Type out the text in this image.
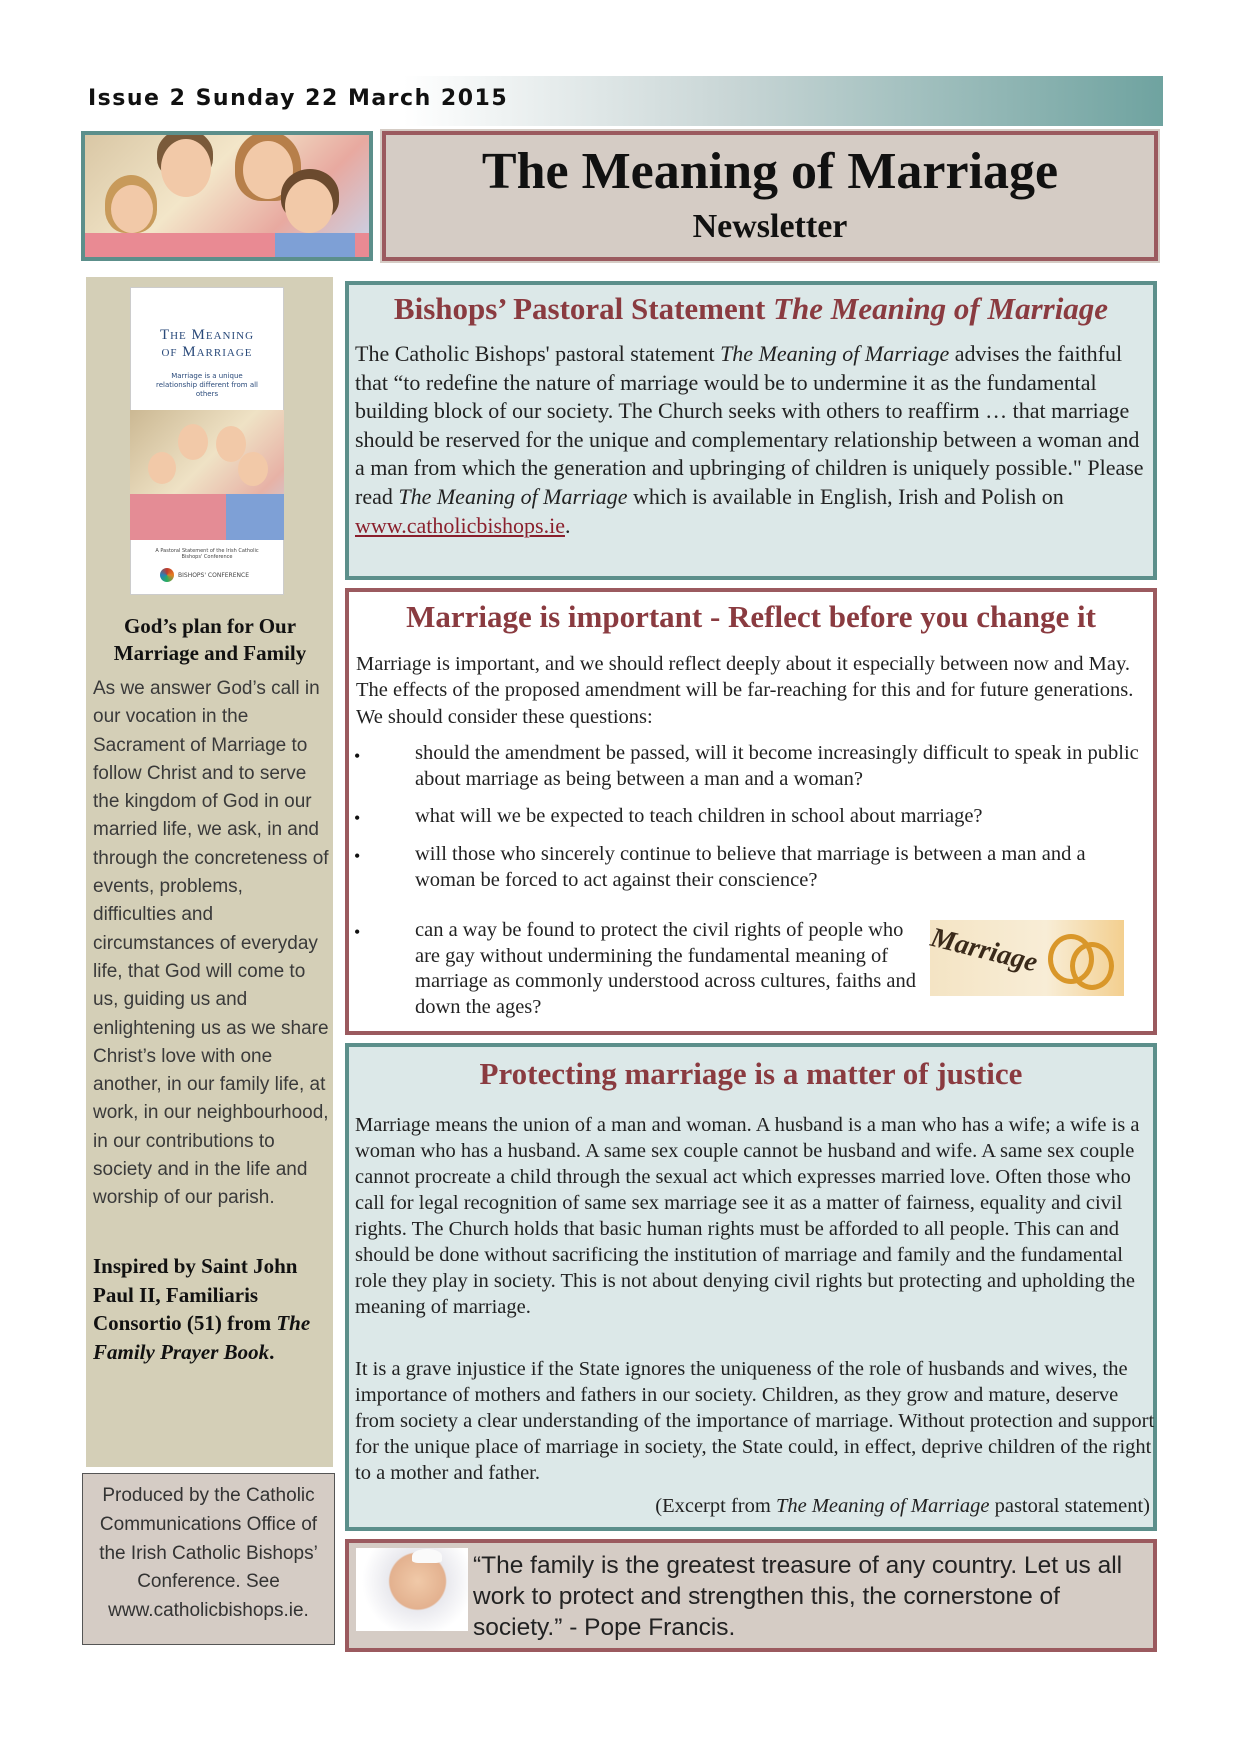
Issue 2 Sunday 22 March 2015
The Meaning of Marriage
Newsletter
The Meaning
of Marriage
Marriage is a unique relationship different from all others
A Pastoral Statement of the Irish Catholic Bishops' Conference
BISHOPS' CONFERENCE
God’s plan for Our Marriage and Family
As we answer God’s call in our vocation in the Sacrament of Marriage to follow Christ and to serve the kingdom of God in our married life, we ask, in and through the concreteness of events, problems, difficulties and circumstances of everyday life, that God will come to us, guiding us and enlightening us as we share Christ’s love with one another, in our family life, at work, in our neighbourhood, in our contributions to society and in the life and worship of our parish.
Inspired by Saint John Paul II, Familiaris Consortio (51) from The Family Prayer Book.
Produced by the Catholic Communications Office of the Irish Catholic Bishops’ Conference. See www.catholicbishops.ie.
Bishops’ Pastoral Statement The Meaning of Marriage
The Catholic Bishops' pastoral statement The Meaning of Marriage advises the faithful that “to redefine the nature of marriage would be to undermine it as the fundamental building block of our society. The Church seeks with others to reaffirm … that marriage should be reserved for the unique and complementary relationship between a woman and a man from which the generation and upbringing of children is uniquely possible." Please read The Meaning of Marriage which is available in English, Irish and Polish on www.catholicbishops.ie.
Marriage is important - Reflect before you change it
Marriage is important, and we should reflect deeply about it especially between now and May. The effects of the proposed amendment will be far-reaching for this and for future generations. We should consider these questions:
•	should the amendment be passed, will it become increasingly difficult to speak in public about marriage as being between a man and a woman?
•	what will we be expected to teach children in school about marriage?
•	will those who sincerely continue to believe that marriage is between a man and a woman be forced to act against their conscience?
•	can a way be found to protect the civil rights of people who are gay without undermining the fundamental meaning of marriage as commonly understood across cultures, faiths and down the ages?
Marriage
Protecting marriage is a matter of justice
Marriage means the union of a man and woman. A husband is a man who has a wife; a wife is a woman who has a husband. A same sex couple cannot be husband and wife. A same sex couple cannot procreate a child through the sexual act which expresses married love. Often those who call for legal recognition of same sex marriage see it as a matter of fairness, equality and civil rights. The Church holds that basic human rights must be afforded to all people. This can and should be done without sacrificing the institution of marriage and family and the fundamental role they play in society. This is not about denying civil rights but protecting and upholding the meaning of marriage.
It is a grave injustice if the State ignores the uniqueness of the role of husbands and wives, the importance of mothers and fathers in our society. Children, as they grow and mature, deserve from society a clear understanding of the importance of marriage. Without protection and support for the unique place of marriage in society, the State could, in effect, deprive children of the right to a mother and father.
(Excerpt from The Meaning of Marriage pastoral statement)
“The family is the greatest treasure of any country. Let us all work to protect and strengthen this, the cornerstone of society.” - Pope Francis.
